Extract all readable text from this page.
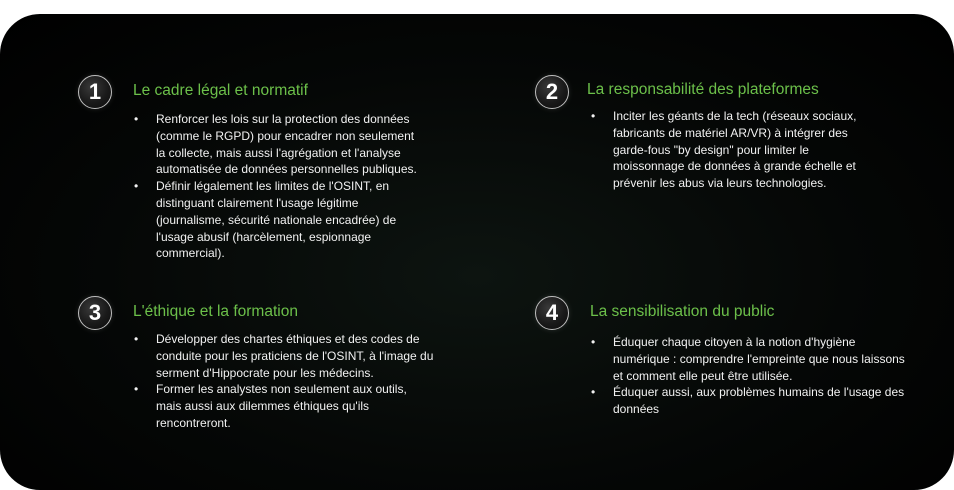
1	Le cadre légal et normatif
• Renforcer les lois sur la protection des données (comme le RGPD) pour encadrer non seulement la collecte, mais aussi l'agrégation et l'analyse automatisée de données personnelles publiques.
• Définir légalement les limites de l'OSINT, en distinguant clairement l'usage légitime (journalisme, sécurité nationale encadrée) de l'usage abusif (harcèlement, espionnage commercial).
2	La responsabilité des plateformes
• Inciter les géants de la tech (réseaux sociaux, fabricants de matériel AR/VR) à intégrer des garde-fous "by design" pour limiter le moissonnage de données à grande échelle et prévenir les abus via leurs technologies.
3	L'éthique et la formation
• Développer des chartes éthiques et des codes de conduite pour les praticiens de l'OSINT, à l'image du serment d'Hippocrate pour les médecins.
• Former les analystes non seulement aux outils, mais aussi aux dilemmes éthiques qu'ils rencontreront.
4	La sensibilisation du public
• Éduquer chaque citoyen à la notion d'hygiène numérique : comprendre l'empreinte que nous laissons et comment elle peut être utilisée.
• Éduquer aussi, aux problèmes humains de l'usage des données
